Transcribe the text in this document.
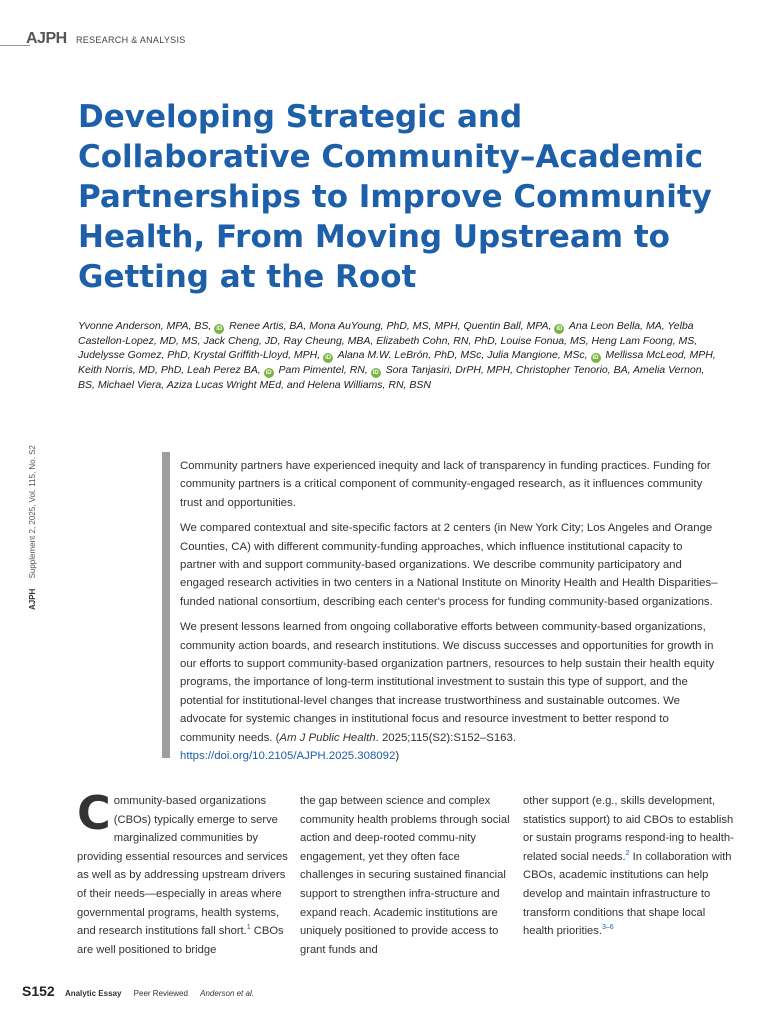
AJPH RESEARCH & ANALYSIS
Developing Strategic and Collaborative Community–Academic Partnerships to Improve Community Health, From Moving Upstream to Getting at the Root

Yvonne Anderson, MPA, BS, iD Renee Artis, BA, Mona AuYoung, PhD, MS, MPH, Quentin Ball, MPA, iD Ana Leon Bella, MA, Yelba Castellon-Lopez, MD, MS, Jack Cheng, JD, Ray Cheung, MBA, Elizabeth Cohn, RN, PhD, Louise Fonua, MS, Heng Lam Foong, MS, Judelysse Gomez, PhD, Krystal Griffith-Lloyd, MPH, iD Alana M.W. LeBrón, PhD, MSc, Julia Mangione, MSc, iD Mellissa McLeod, MPH, Keith Norris, MD, PhD, Leah Perez BA, iD Pam Pimentel, RN, iD Sora Tanjasiri, DrPH, MPH, Christopher Tenorio, BA, Amelia Vernon, BS, Michael Viera, Aziza Lucas Wright MEd, and Helena Williams, RN, BSN

AJPH Supplement 2, 2025, Vol. 115, No. S2	Community partners have experienced inequity and lack of transparency in funding practices. Funding for community partners is a critical component of community-engaged research, as it influences community trust and opportunities.

We compared contextual and site-specific factors at 2 centers (in New York City; Los Angeles and Orange Counties, CA) with different community-funding approaches, which influence institutional capacity to partner with and support community-based organizations. We describe community participatory and engaged research activities in two centers in a National Institute on Minority Health and Health Disparities–funded national consortium, describing each center's process for funding community-based organizations.

We present lessons learned from ongoing collaborative efforts between community-based organizations, community action boards, and research institutions. We discuss successes and opportunities for growth in our efforts to support community-based organization partners, resources to help sustain their health equity programs, the importance of long-term institutional investment to sustain this type of support, and the potential for institutional-level changes that increase trustworthiness and sustainable outcomes. We advocate for systemic changes in institutional focus and resource investment to better respond to community needs. (Am J Public Health. 2025;115(S2):S152–S163. https://doi.org/10.2105/AJPH.2025.308092)

Community-based organizations (CBOs) typically emerge to serve marginalized communities by providing essential resources and services as well as by addressing upstream drivers of their needs—especially in areas where governmental programs, health systems, and research institutions fall short.$^1$ CBOs are well positioned to bridge
the gap between science and complex community health problems through social action and deep-rooted commu-nity engagement, yet they often face challenges in securing sustained financial support to strengthen infra-structure and expand reach. Academic institutions are uniquely positioned to provide access to grant funds and
other support (e.g., skills development, statistics support) to aid CBOs to establish or sustain programs respond-ing to health-related social needs.$^2$ In collaboration with CBOs, academic institutions can help develop and maintain infrastructure to transform conditions that shape local health priorities.$^{3-6}$
S152 Analytic Essay Peer Reviewed Anderson et al.
